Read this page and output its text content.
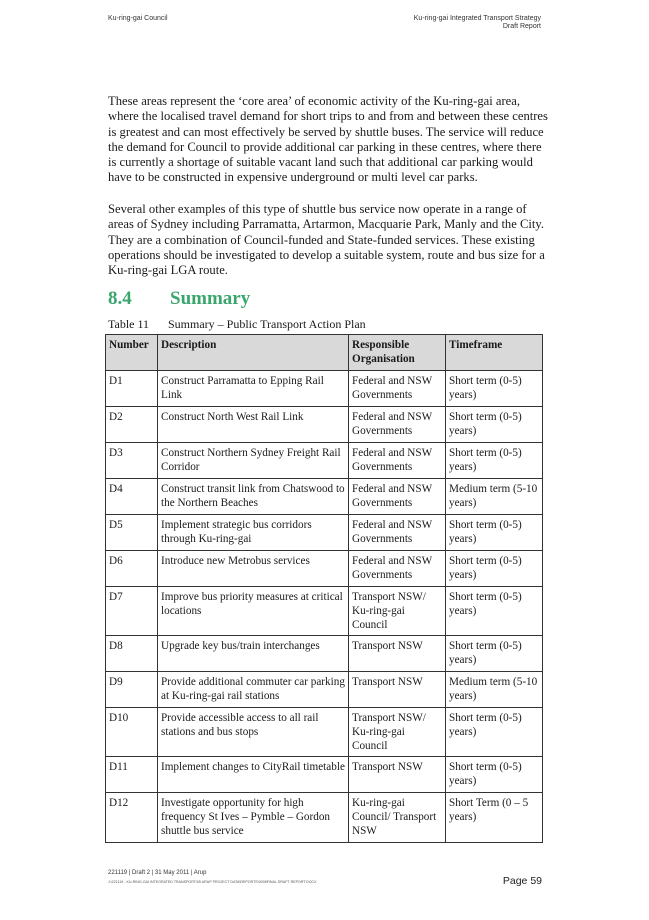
Ku-ring-gai Council	Ku-ring-gai Integrated Transport Strategy
Draft Report

These areas represent the ‘core area’ of economic activity of the Ku-ring-gai area, where the localised travel demand for short trips to and from and between these centres is greatest and can most effectively be served by shuttle buses. The service will reduce the demand for Council to provide additional car parking in these centres, where there is currently a shortage of suitable vacant land such that additional car parking would have to be constructed in expensive underground or multi level car parks.

Several other examples of this type of shuttle bus service now operate in a range of areas of Sydney including Parramatta, Artarmon, Macquarie Park, Manly and the City. They are a combination of Council-funded and State-funded services. These existing operations should be investigated to develop a suitable system, route and bus size for a Ku-ring-gai LGA route.

8.4 Summary

Table 11 Summary – Public Transport Action Plan

Number	Description	Responsible Organisation	Timeframe
D1	Construct Parramatta to Epping Rail Link	Federal and NSW Governments	Short term (0-5) years)
D2	Construct North West Rail Link	Federal and NSW Governments	Short term (0-5) years)
D3	Construct Northern Sydney Freight Rail Corridor	Federal and NSW Governments	Short term (0-5) years)
D4	Construct transit link from Chatswood to the Northern Beaches	Federal and NSW Governments	Medium term (5-10 years)
D5	Implement strategic bus corridors through Ku-ring-gai	Federal and NSW Governments	Short term (0-5) years)
D6	Introduce new Metrobus services	Federal and NSW Governments	Short term (0-5) years)
D7	Improve bus priority measures at critical locations	Transport NSW/ Ku-ring-gai Council	Short term (0-5) years)
D8	Upgrade key bus/train interchanges	Transport NSW	Short term (0-5) years)
D9	Provide additional commuter car parking at Ku-ring-gai rail stations	Transport NSW	Medium term (5-10 years)
D10	Provide accessible access to all rail stations and bus stops	Transport NSW/ Ku-ring-gai Council	Short term (0-5) years)
D11	Implement changes to CityRail timetable	Transport NSW	Short term (0-5) years)
D12	Investigate opportunity for high frequency St Ives – Pymble – Gordon shuttle bus service	Ku-ring-gai Council/ Transport NSW	Short Term (0 – 5 years)
221119 | Draft 2 | 31 May 2011 | Arup
J:\221119 - KU-RING-GAI INTEGRATED TRANSPORT\05 ARUP PROJECT DATA\REPORTS\0008FINAL DRAFT REPORT.DOCX	Page 59
